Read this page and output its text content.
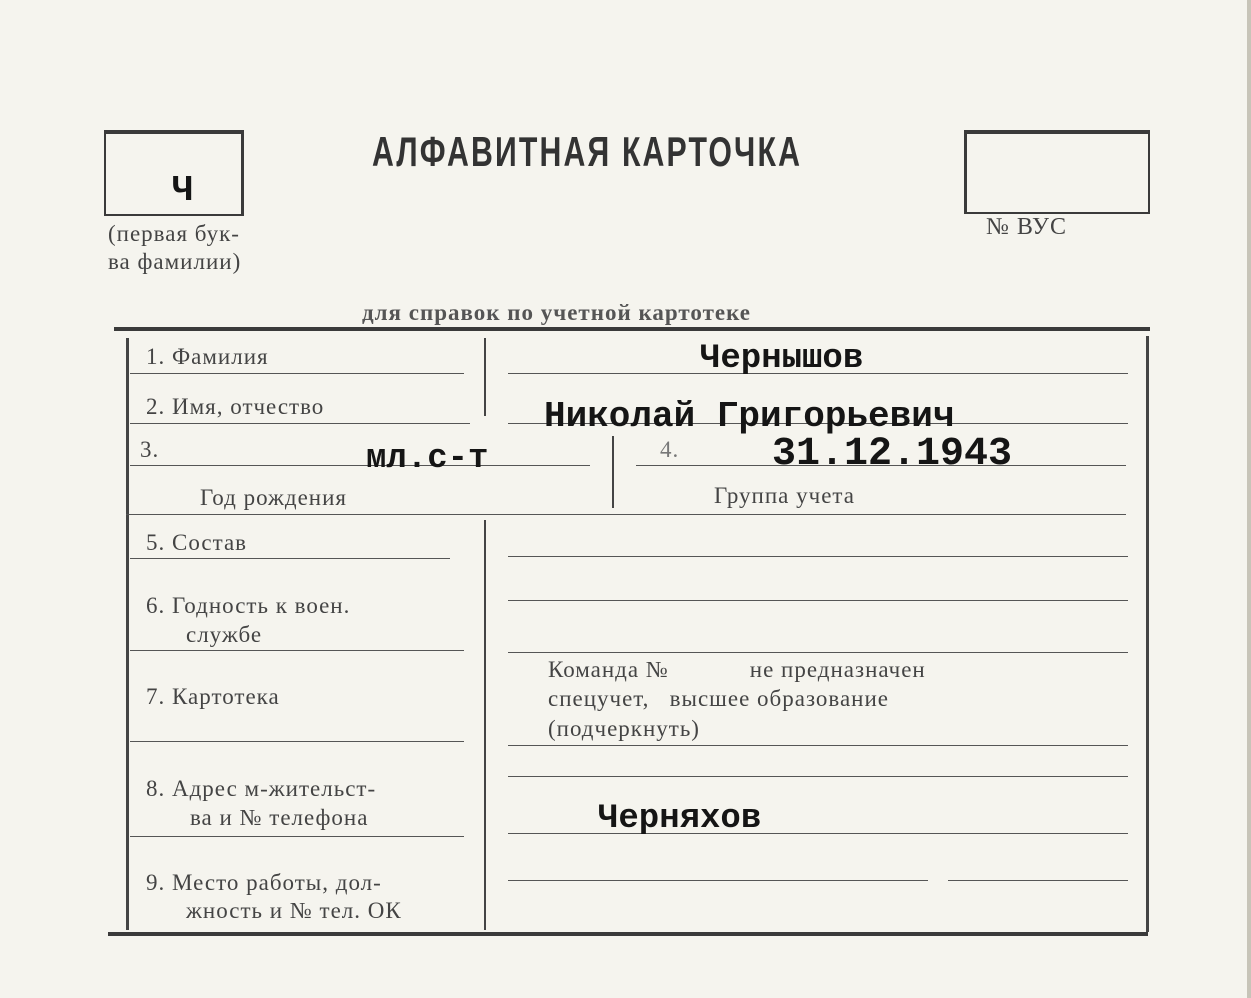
Ч
(первая бук-
ва фамилии)
АЛФАВИТНАЯ КАРТОЧКА
№ ВУС
для справок по учетной картотеке
1. Фамилия
2. Имя, отчество
3.
Год рождения
4.
Группа учета
5. Состав
6. Годность к воен.
службе
7. Картотека
8. Адрес м-жительст-
ва и № телефона
9. Место работы, дол-
жность и № тел. ОК
Команда №            не предназначен
спецучет,   высшее образование
(подчеркнуть)
Чернышов
Николай Григорьевич
мл.с-т	31.12.1943
Черняхов
